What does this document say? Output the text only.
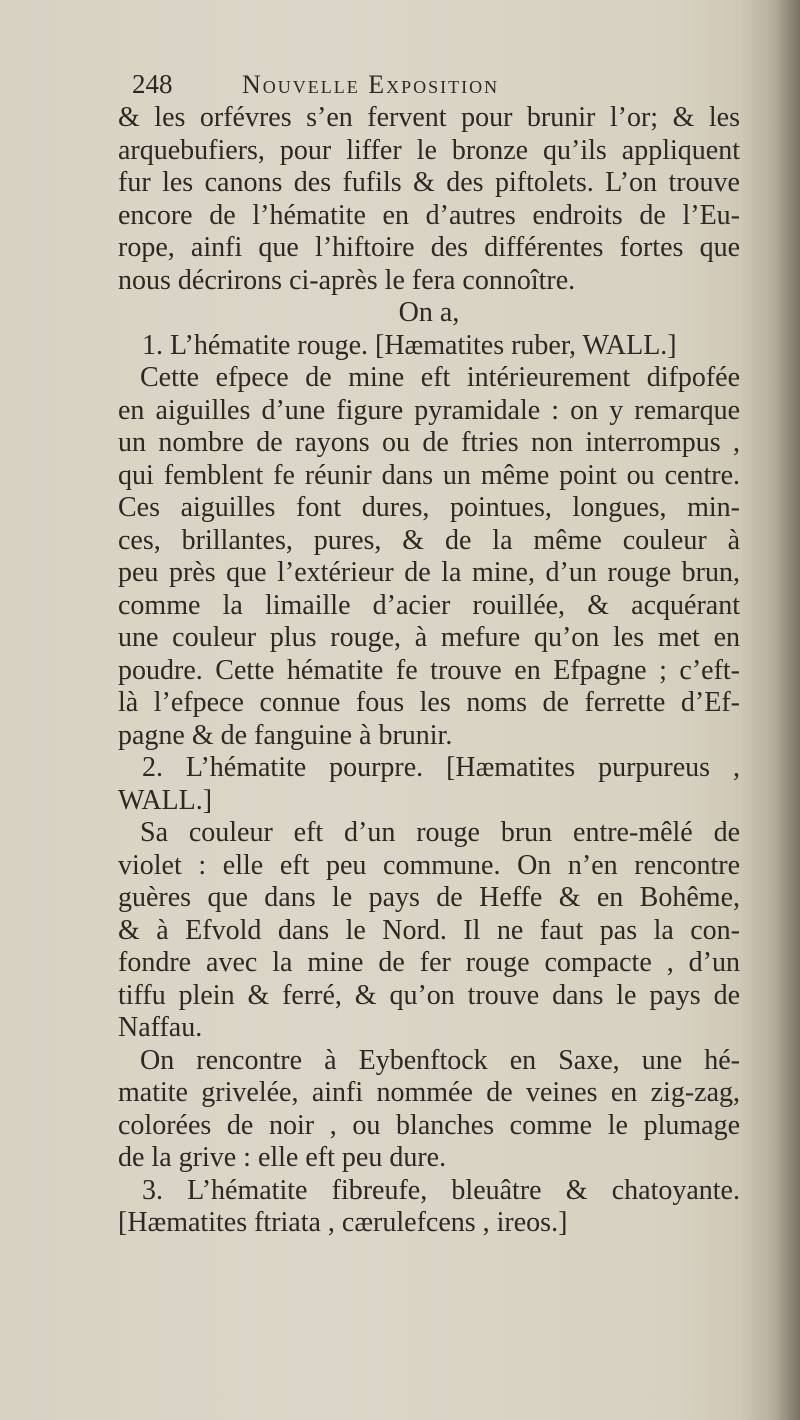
248	Nouvelle Exposition
& les orfévres s’en fervent pour brunir l’or; & les
arquebufiers, pour liffer le bronze qu’ils appliquent
fur les canons des fufils & des piftolets. L’on trouve
encore de l’hématite en d’autres endroits de l’Eu-
rope, ainfi que l’hiftoire des différentes fortes que
nous décrirons ci-après le fera connoître.
On a,
1. L’hématite rouge. [Hæmatites ruber, WALL.]
Cette efpece de mine eft intérieurement difpofée
en aiguilles d’une figure pyramidale : on y remarque
un nombre de rayons ou de ftries non interrompus ,
qui femblent fe réunir dans un même point ou centre.
Ces aiguilles font dures, pointues, longues, min-
ces, brillantes, pures, & de la même couleur à
peu près que l’extérieur de la mine, d’un rouge brun,
comme la limaille d’acier rouillée, & acquérant
une couleur plus rouge, à mefure qu’on les met en
poudre. Cette hématite fe trouve en Efpagne ; c’eft-
là l’efpece connue fous les noms de ferrette d’Ef-
pagne & de fanguine à brunir.
2. L’hématite pourpre. [Hæmatites purpureus ,
WALL.]
Sa couleur eft d’un rouge brun entre-mêlé de
violet : elle eft peu commune. On n’en rencontre
guères que dans le pays de Heffe & en Bohême,
& à Efvold dans le Nord. Il ne faut pas la con-
fondre avec la mine de fer rouge compacte , d’un
tiffu plein & ferré, & qu’on trouve dans le pays de
Naffau.
On rencontre à Eybenftock en Saxe, une hé-
matite grivelée, ainfi nommée de veines en zig-zag,
colorées de noir , ou blanches comme le plumage
de la grive : elle eft peu dure.
3. L’hématite fibreufe, bleuâtre & chatoyante.
[Hæmatites ftriata , cærulefcens , ireos.]
